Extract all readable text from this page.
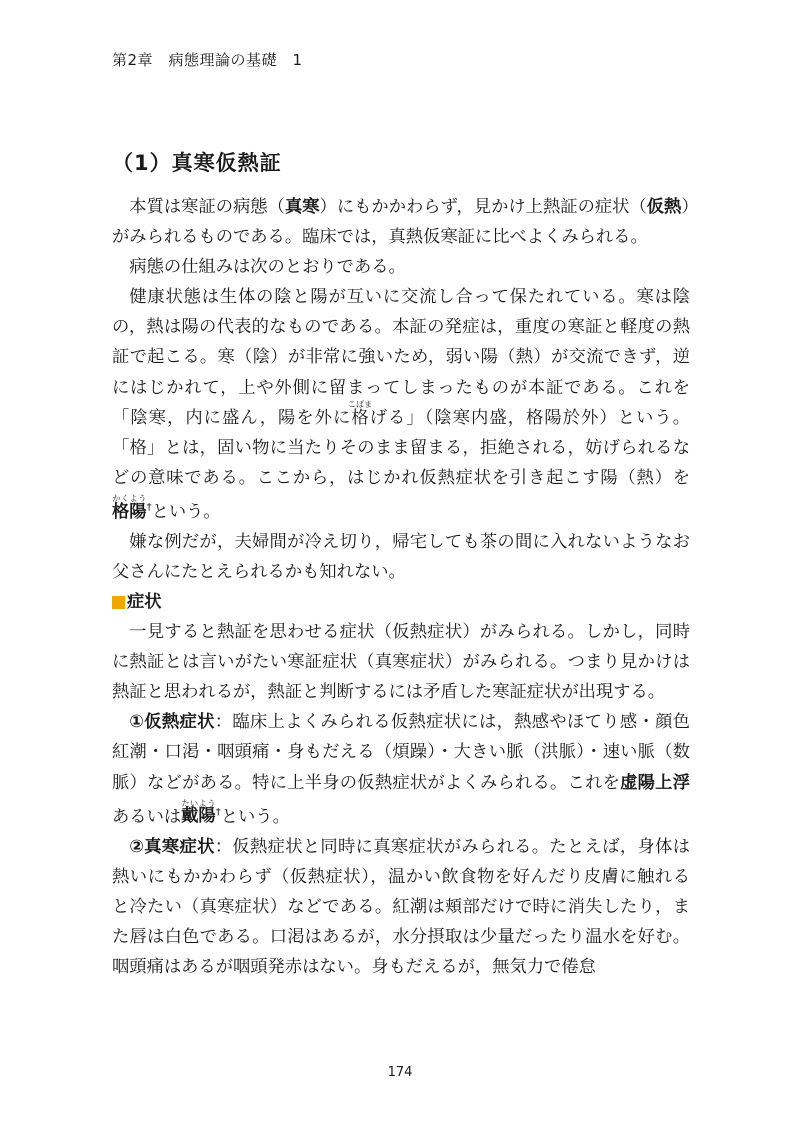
第2章　病態理論の基礎　1
（1）真寒仮熱証

本質は寒証の病態（真寒）にもかかわらず，見かけ上熱証の症状（仮熱）がみられるものである。臨床では，真熱仮寒証に比べよくみられる。

病態の仕組みは次のとおりである。

健康状態は生体の陰と陽が互いに交流し合って保たれている。寒は陰の，熱は陽の代表的なものである。本証の発症は，重度の寒証と軽度の熱証で起こる。寒（陰）が非常に強いため，弱い陽（熱）が交流できず，逆にはじかれて，上や外側に留まってしまったものが本証である。これを「陰寒，内に盛ん，陽を外に格こばまげる」（陰寒内盛，格陽於外）という。「格」とは，固い物に当たりそのまま留まる，拒絶される，妨げられるなどの意味である。ここから，はじかれ仮熱症状を引き起こす陽（熱）を格陽かくよう†という。

嫌な例だが，夫婦間が冷え切り，帰宅しても茶の間に入れないようなお父さんにたとえられるかも知れない。

症状

一見すると熱証を思わせる症状（仮熱症状）がみられる。しかし，同時に熱証とは言いがたい寒証症状（真寒症状）がみられる。つまり見かけは熱証と思われるが，熱証と判断するには矛盾した寒証症状が出現する。

①仮熱症状：臨床上よくみられる仮熱症状には，熱感やほてり感・顔色紅潮・口渇・咽頭痛・身もだえる（煩躁）・大きい脈（洪脈）・速い脈（数脈）などがある。特に上半身の仮熱症状がよくみられる。これを虚陽上浮あるいは戴陽たいよう†という。

②真寒症状：仮熱症状と同時に真寒症状がみられる。たとえば，身体は熱いにもかかわらず（仮熱症状），温かい飲食物を好んだり皮膚に触れると冷たい（真寒症状）などである。紅潮は頬部だけで時に消失したり，また唇は白色である。口渇はあるが，水分摂取は少量だったり温水を好む。咽頭痛はあるが咽頭発赤はない。身もだえるが，無気力で倦怠

174
